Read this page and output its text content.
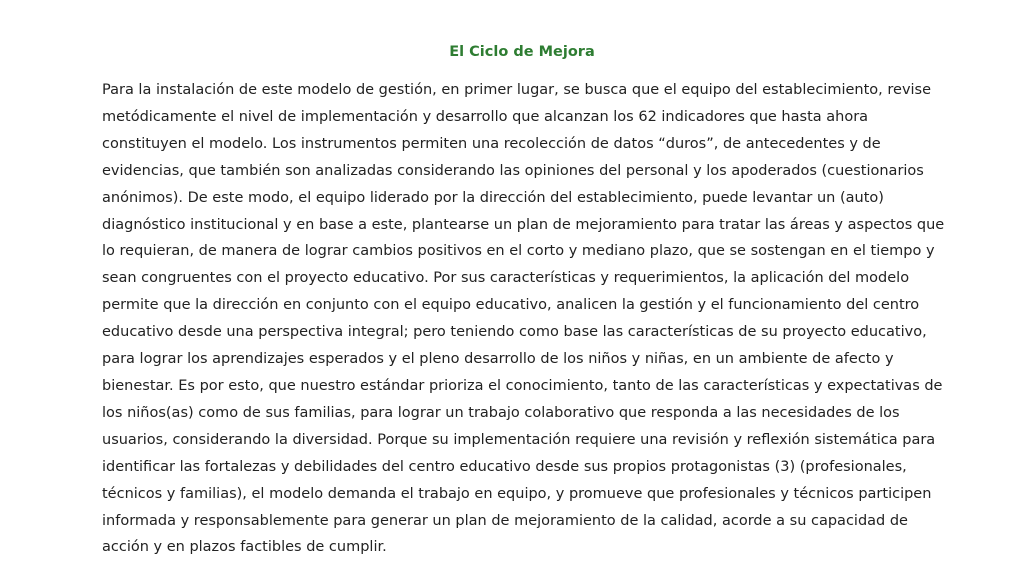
El Ciclo de Mejora

Para la instalación de este modelo de gestión, en primer lugar, se busca que el equipo del establecimiento, revise metódicamente el nivel de implementación y desarrollo que alcanzan los 62 indicadores que hasta ahora constituyen el modelo. Los instrumentos permiten una recolección de datos “duros”, de antecedentes y de evidencias, que también son analizadas considerando las opiniones del personal y los apoderados (cuestionarios anónimos). De este modo, el equipo liderado por la dirección del establecimiento, puede levantar un (auto) diagnóstico institucional y en base a este, plantearse un plan de mejoramiento para tratar las áreas y aspectos que lo requieran, de manera de lograr cambios positivos en el corto y mediano plazo, que se sostengan en el tiempo y sean congruentes con el proyecto educativo. Por sus características y requerimientos, la aplicación del modelo permite que la dirección en conjunto con el equipo educativo, analicen la gestión y el funcionamiento del centro educativo desde una perspectiva integral; pero teniendo como base las características de su proyecto educativo, para lograr los aprendizajes esperados y el pleno desarrollo de los niños y niñas, en un ambiente de afecto y bienestar. Es por esto, que nuestro estándar prioriza el conocimiento, tanto de las características y expectativas de los niños(as) como de sus familias, para lograr un trabajo colaborativo que responda a las necesidades de los usuarios, considerando la diversidad. Porque su implementación requiere una revisión y reflexión sistemática para identificar las fortalezas y debilidades del centro educativo desde sus propios protagonistas (3) (profesionales, técnicos y familias), el modelo demanda el trabajo en equipo, y promueve que profesionales y técnicos participen informada y responsablemente para generar un plan de mejoramiento de la calidad, acorde a su capacidad de acción y en plazos factibles de cumplir.
